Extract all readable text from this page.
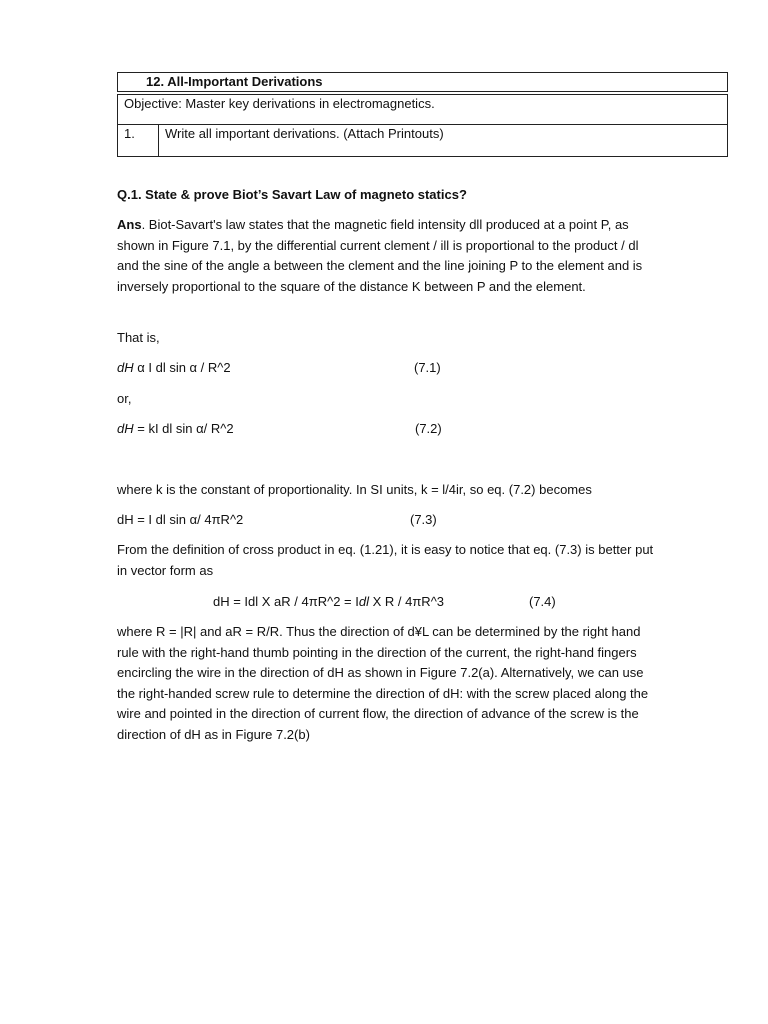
12. All-Important Derivations
Objective: Master key derivations in electromagnetics.
1.	Write all important derivations. (Attach Printouts)
Q.1. State & prove Biot’s Savart Law of magneto statics?
Ans. Biot-Savart's law states that the magnetic field intensity dll produced at a point P, as shown in Figure 7.1, by the differential current clement / ill is proportional to the product / dl and the sine of the angle a between the clement and the line joining P to the element and is inversely proportional to the square of the distance K between P and the element.
That is,
dH α I dl sin α / R^2	(7.1)
or,
dH = kI dl sin α/ R^2	(7.2)
where k is the constant of proportionality. In SI units, k = l/4ir, so eq. (7.2) becomes
dH = I dl sin α/ 4πR^2	(7.3)
From the definition of cross product in eq. (1.21), it is easy to notice that eq. (7.3) is better put in vector form as
dH = Idl X aR / 4πR^2 = Idl X R / 4πR^3	(7.4)
where R = |R| and aR = R/R. Thus the direction of d¥L can be determined by the right hand rule with the right-hand thumb pointing in the direction of the current, the right-hand fingers encircling the wire in the direction of dH as shown in Figure 7.2(a). Alternatively, we can use the right-handed screw rule to determine the direction of dH: with the screw placed along the wire and pointed in the direction of current flow, the direction of advance of the screw is the direction of dH as in Figure 7.2(b)
